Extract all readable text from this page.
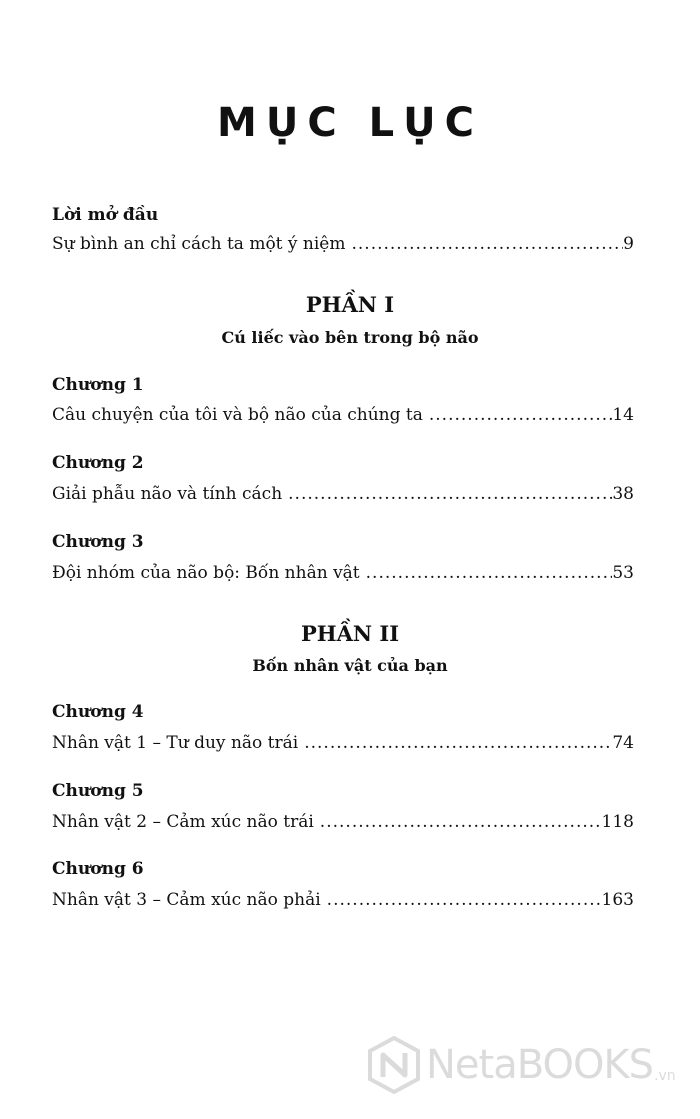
MỤC LỤC
Lời mở đầu
Sự bình an chỉ cách ta một ý niệm .....	9
PHẦN I
Cú liếc vào bên trong bộ não
Chương 1
Câu chuyện của tôi và bộ não của chúng ta .....	14
Chương 2
Giải phẫu não và tính cách .....	38
Chương 3
Đội nhóm của não bộ: Bốn nhân vật .....	53
PHẦN II
Bốn nhân vật của bạn
Chương 4
Nhân vật 1 – Tư duy não trái .....	74
Chương 5
Nhân vật 2 – Cảm xúc não trái .....	118
Chương 6
Nhân vật 3 – Cảm xúc não phải .....	163
NetaBOOKS .vn
